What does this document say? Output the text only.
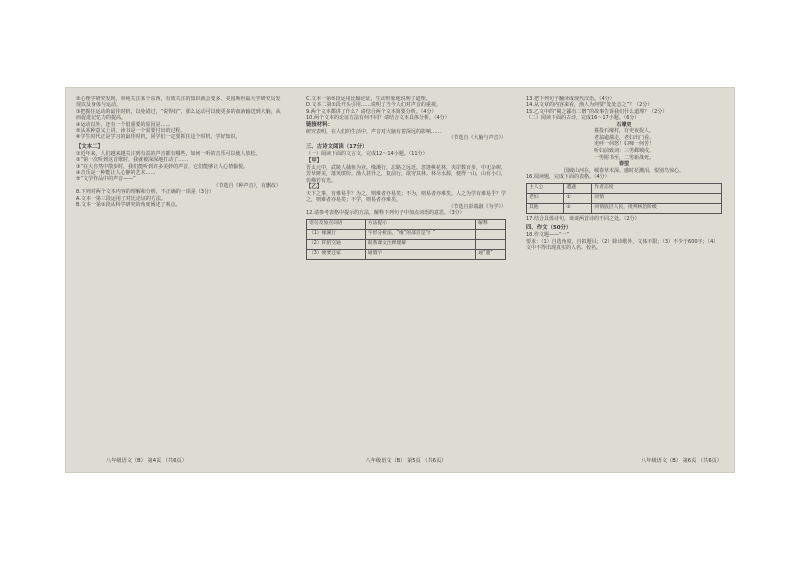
②心理学研究发现，单纯关注某个东西，有效关注的知识就会变多，美国斯坦福大学研究员发现以及身体与运动。

③把握住运动的最佳时机，以免错过，“说得好”，那么运动可以使更多的血液输送到大脑，从而促进记忆力的提高。

④运动以外，还有一个很重要的原因是……

⑤从某种意义上讲，读书是一个需要付出的过程。

⑥学生时代正是学习的最佳时机，同学们一定要抓住这个时机，学好知识。

【文本二】

①近年来，人们越来越关注到有益的声音都有哪些，如何一听的音乐可以使人放松。

②”第一次听到这首歌时，我就被深深地打动了……

③“在大自然中散步时，我们能听到许多美妙的声音，它们能够让人心情愉悦。

④音乐是一种能让人心静的艺术……

⑤“文学作品中的声音——”

（节选自《种声音》，有删改）

8.下列对两个文本内容的理解和分析，不正确的一项是（3分）

A.文本一第三段运用了对比论证的方法。

B.文本一第②段从科学研究的角度阐述了观点。

八年级语文（B） 第4页 （共6页）

C.文本一第⑤段运用比喻论证，生动形象地说明了道理。

D.文本二第①段开头引用……说明了当今人们对声音的重视。

9.两个文本都讲了什么？请结合两个文本简要分析。（4分）

10.两个文本的论证方法有何不同？请结合文本具体分析。（4分）

链接材料：

研究表明，在人们的生活中，声音对大脑有着深远的影响……

（节选自《大脑与声音》）

三、古诗文阅读（17分）

（一）阅读下面的文言文，完成12～14小题。（11分）

【甲】

晋太元中，武陵人捕鱼为业。缘溪行，忘路之远近。忽逢桃花林，夹岸数百步，中无杂树，芳草鲜美，落英缤纷。渔人甚异之，复前行，欲穷其林。林尽水源，便得一山，山有小口，仿佛若有光。

【乙】

天下之事，有难易乎？为之，则难者亦易矣；不为，则易者亦难矣。人之为学有难易乎？学之，则难者亦易矣；不学，则易者亦难矣。

（节选自彭端淑《为学》）

12.请参考表格中提示的方法，解释下列句子中加点词语的意思。（3分）

语句及加点词语	方法提示	解释
（1）缘溪行	字形分析法，“缘”的部首是“纟”	
（2）阡陌交通	联系课文注释理解	
（3）便要还家	通假字	通“邀”
八年级语文（B） 第5页 （共6页）

13.把下列句子翻译成现代汉语。（4分）

14.从文章的内容来看，渔人为何要“处处志之”？（2分）

15.乙文中的“蜀之鄙有二僧”的故事告诉我们什么道理？（2分）

（二）阅读下面的古诗，完成16～17小题。（6分）

石壕吏

暮投石壕村，有吏夜捉人。

老翁逾墙走，老妇出门看。

吏呼一何怒！妇啼一何苦！

听妇前致词：三男邺城戍。

一男附书至，二男新战死。

春望

国破山河在，城春草木深。感时花溅泪，恨别鸟惊心。

16.阅读题，完成下面的表格。（4分）

主人公	遭遇	作者态度
老妇	①	同情
其他	②	同情底层人民，批判统治阶级

17.结合具体诗句，谈谈两首诗的不同之处。（2分）

四、作文（50分）

18.作文题——“一”

要求：（1）自选角度，自拟题目；（2）除诗歌外，文体不限；（3）不少于600字；（4）文中不得出现真实的人名、校名。

八年级语文（B） 第6页 （共6页）
